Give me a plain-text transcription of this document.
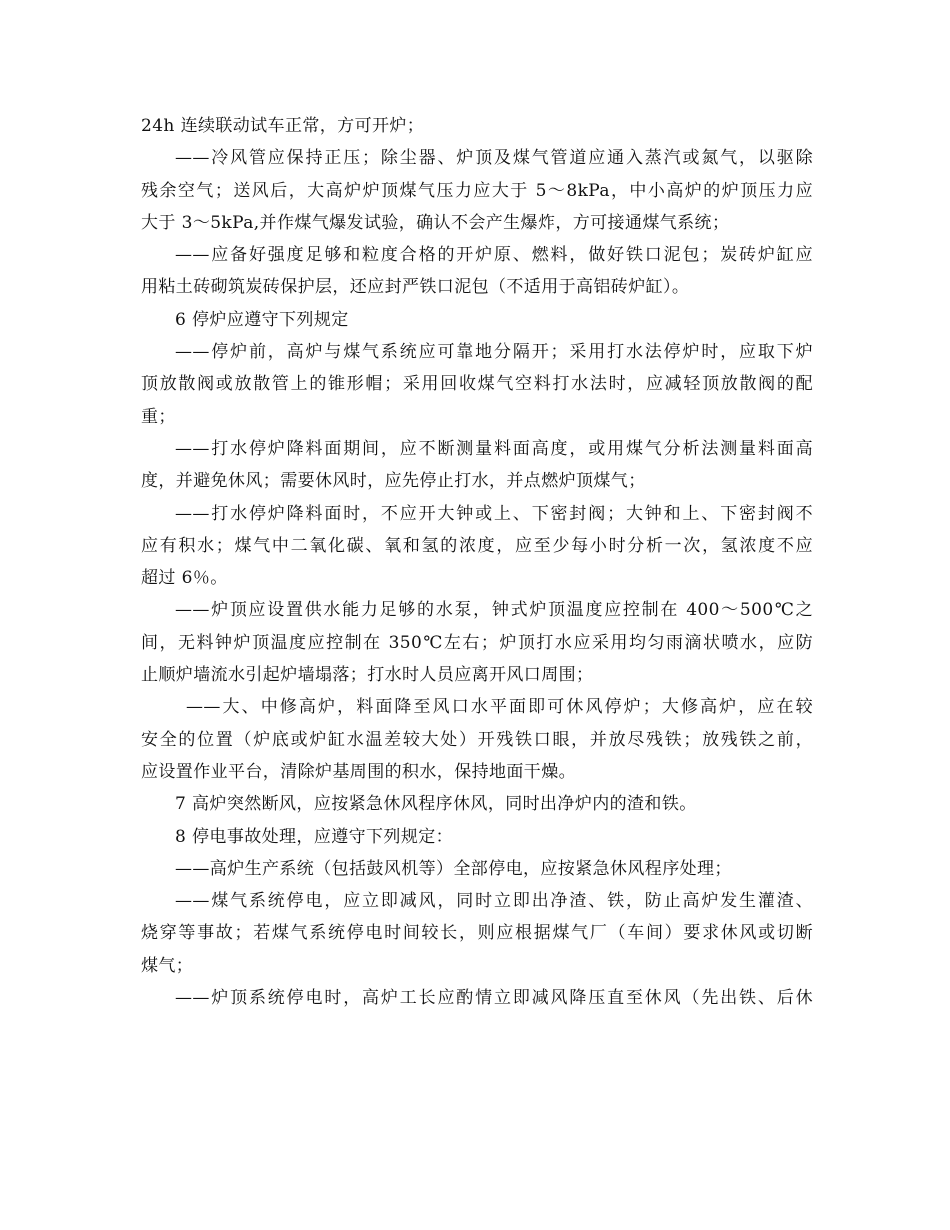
24h 连续联动试车正常，方可开炉；
——冷风管应保持正压；除尘器、炉顶及煤气管道应通入蒸汽或氮气，以驱除
残余空气；送风后，大高炉炉顶煤气压力应大于 5～8kPa，中小高炉的炉顶压力应
大于 3～5kPa,并作煤气爆发试验，确认不会产生爆炸，方可接通煤气系统；
——应备好强度足够和粒度合格的开炉原、燃料，做好铁口泥包；炭砖炉缸应
用粘土砖砌筑炭砖保护层，还应封严铁口泥包（不适用于高铝砖炉缸）。
6 停炉应遵守下列规定
——停炉前，高炉与煤气系统应可靠地分隔开；采用打水法停炉时，应取下炉
顶放散阀或放散管上的锥形帽；采用回收煤气空料打水法时，应减轻顶放散阀的配
重；
——打水停炉降料面期间，应不断测量料面高度，或用煤气分析法测量料面高
度，并避免休风；需要休风时，应先停止打水，并点燃炉顶煤气；
——打水停炉降料面时，不应开大钟或上、下密封阀；大钟和上、下密封阀不
应有积水；煤气中二氧化碳、氧和氢的浓度，应至少每小时分析一次，氢浓度不应
超过 6％。
——炉顶应设置供水能力足够的水泵，钟式炉顶温度应控制在 400～500℃之
间，无料钟炉顶温度应控制在 350℃左右；炉顶打水应采用均匀雨滴状喷水，应防
止顺炉墙流水引起炉墙塌落；打水时人员应离开风口周围；
——大、中修高炉，料面降至风口水平面即可休风停炉；大修高炉，应在较
安全的位置（炉底或炉缸水温差较大处）开残铁口眼，并放尽残铁；放残铁之前，
应设置作业平台，清除炉基周围的积水，保持地面干燥。
7 高炉突然断风，应按紧急休风程序休风，同时出净炉内的渣和铁。
8 停电事故处理，应遵守下列规定：
——高炉生产系统（包括鼓风机等）全部停电，应按紧急休风程序处理；
——煤气系统停电，应立即减风，同时立即出净渣、铁，防止高炉发生灌渣、
烧穿等事故；若煤气系统停电时间较长，则应根据煤气厂（车间）要求休风或切断
煤气；
——炉顶系统停电时，高炉工长应酌情立即减风降压直至休风（先出铁、后休
